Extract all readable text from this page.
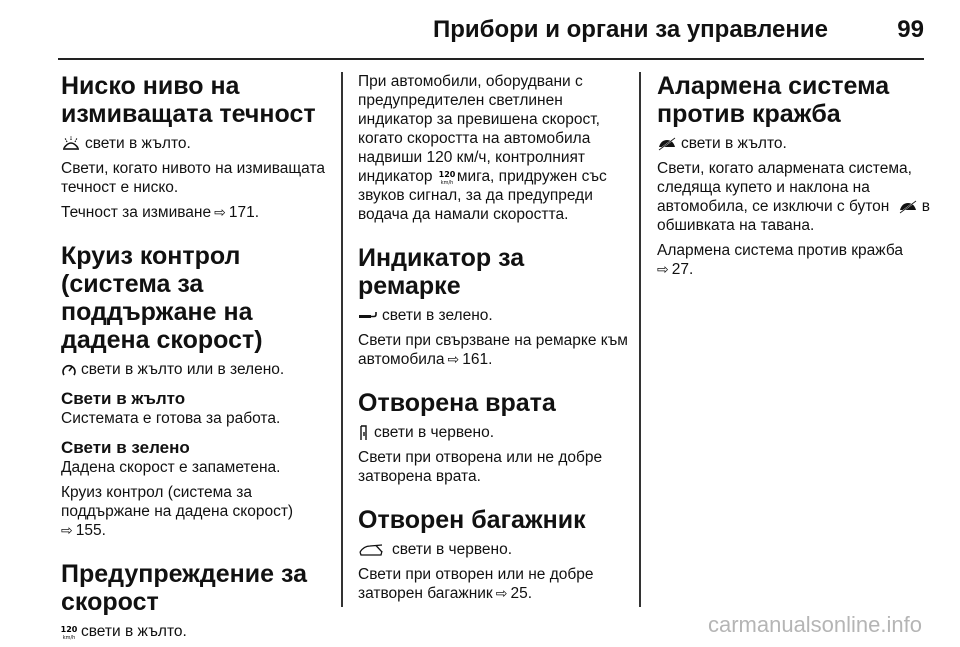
Прибори и органи за управление	99
Ниско ниво на измиващата течност

свети в жълто.

Свети, когато нивото на измиващата течност е ниско.

Течност за измиване ⇨ 171.

Круиз контрол (система за поддържане на дадена скорост)

свети в жълто или в зелено.

Свети в жълто

Системата е готова за работа.

Свети в зелено

Дадена скорост е запаметена.

Круиз контрол (система за поддържане на дадена скорост)
⇨ 155.

Предупреждение за скорост

120
km/h свети в жълто.

При автомобили, оборудвани с предупредителен светлинен индикатор за превишена скорост, когато скоростта на автомобила надвиши 120 км/ч, контролният индикатор 120
km/h мига, придружен със звуков сигнал, за да предупреди водача да намали скоростта.

Индикатор за ремарке

свети в зелено.

Свети при свързване на ремарке към автомобила ⇨ 161.

Отворена врата

свети в червено.

Свети при отворена или не добре затворена врата.

Отворен багажник

свети в червено.

Свети при отворен или не добре затворен багажник ⇨ 25.

Алармена система против кражба

свети в жълто.

Свети, когато алармената система, следяща купето и наклона на автомобила, се изключи с бутон в обшивката на тавана.

Алармена система против кражба
⇨ 27.

carmanualsonline.info
